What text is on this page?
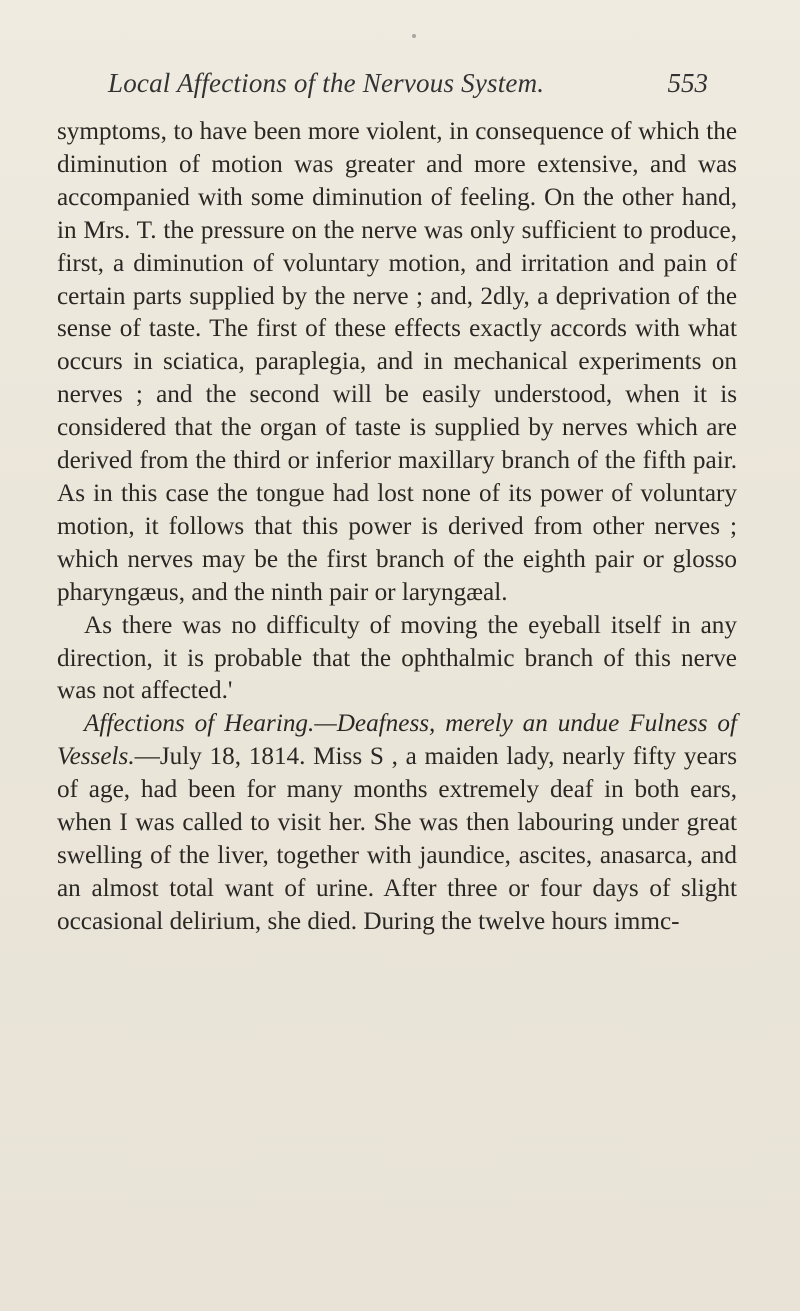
Local Affections of the Nervous System.	553

symptoms, to have been more violent, in consequence of which the diminution of motion was greater and more extensive, and was accompanied with some diminution of feeling. On the other hand, in Mrs. T. the pressure on the nerve was only sufficient to produce, first, a diminution of voluntary motion, and irritation and pain of certain parts supplied by the nerve ; and, 2dly, a deprivation of the sense of taste. The first of these effects exactly accords with what occurs in sciatica, paraplegia, and in mechanical experiments on nerves ; and the second will be easily understood, when it is considered that the organ of taste is supplied by nerves which are derived from the third or inferior maxillary branch of the fifth pair. As in this case the tongue had lost none of its power of voluntary motion, it follows that this power is derived from other nerves ; which nerves may be the first branch of the eighth pair or glosso pharyngæus, and the ninth pair or laryngæal.

As there was no difficulty of moving the eyeball itself in any direction, it is probable that the ophthalmic branch of this nerve was not affected.'

Affections of Hearing.—Deafness, merely an undue Fulness of Vessels.—July 18, 1814. Miss S , a maiden lady, nearly fifty years of age, had been for many months extremely deaf in both ears, when I was called to visit her. She was then labouring under great swelling of the liver, together with jaundice, ascites, anasarca, and an almost total want of urine. After three or four days of slight occasional delirium, she died. During the twelve hours immc-
